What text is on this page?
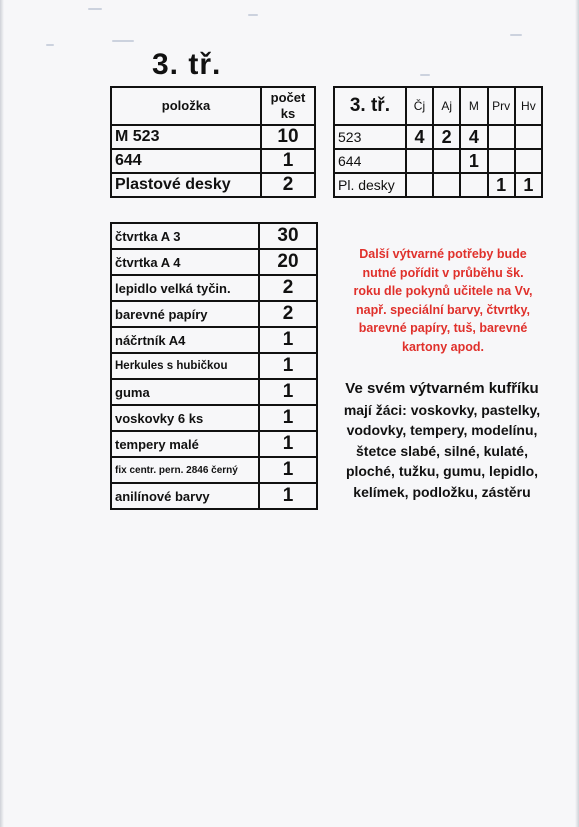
3. tř.
položka	počet
ks
M 523	10
644	1
Plastové desky	2
3. tř.	Čj	Aj	M	Prv	Hv
523	4	2	4		
644			1		
Pl. desky				1	1
čtvrtka A 3	30
čtvrtka A 4	20
lepidlo velká tyčin.	2
barevné papíry	2
náčrtník A4	1
Herkules s hubičkou	1
guma	1
voskovky 6 ks	1
tempery malé	1
fix centr. pern. 2846 černý	1
anilínové barvy	1

Další výtvarné potřeby bude
nutné pořídit v průběhu šk.
roku dle pokynů učitele na Vv,
např. speciální barvy, čtvrtky,
barevné papíry, tuš, barevné
kartony apod.

Ve svém výtvarném kufříku
mají žáci: voskovky, pastelky,
vodovky, tempery, modelínu,
štetce slabé, silné, kulaté,
ploché, tužku, gumu, lepidlo,
kelímek, podložku, zástěru
